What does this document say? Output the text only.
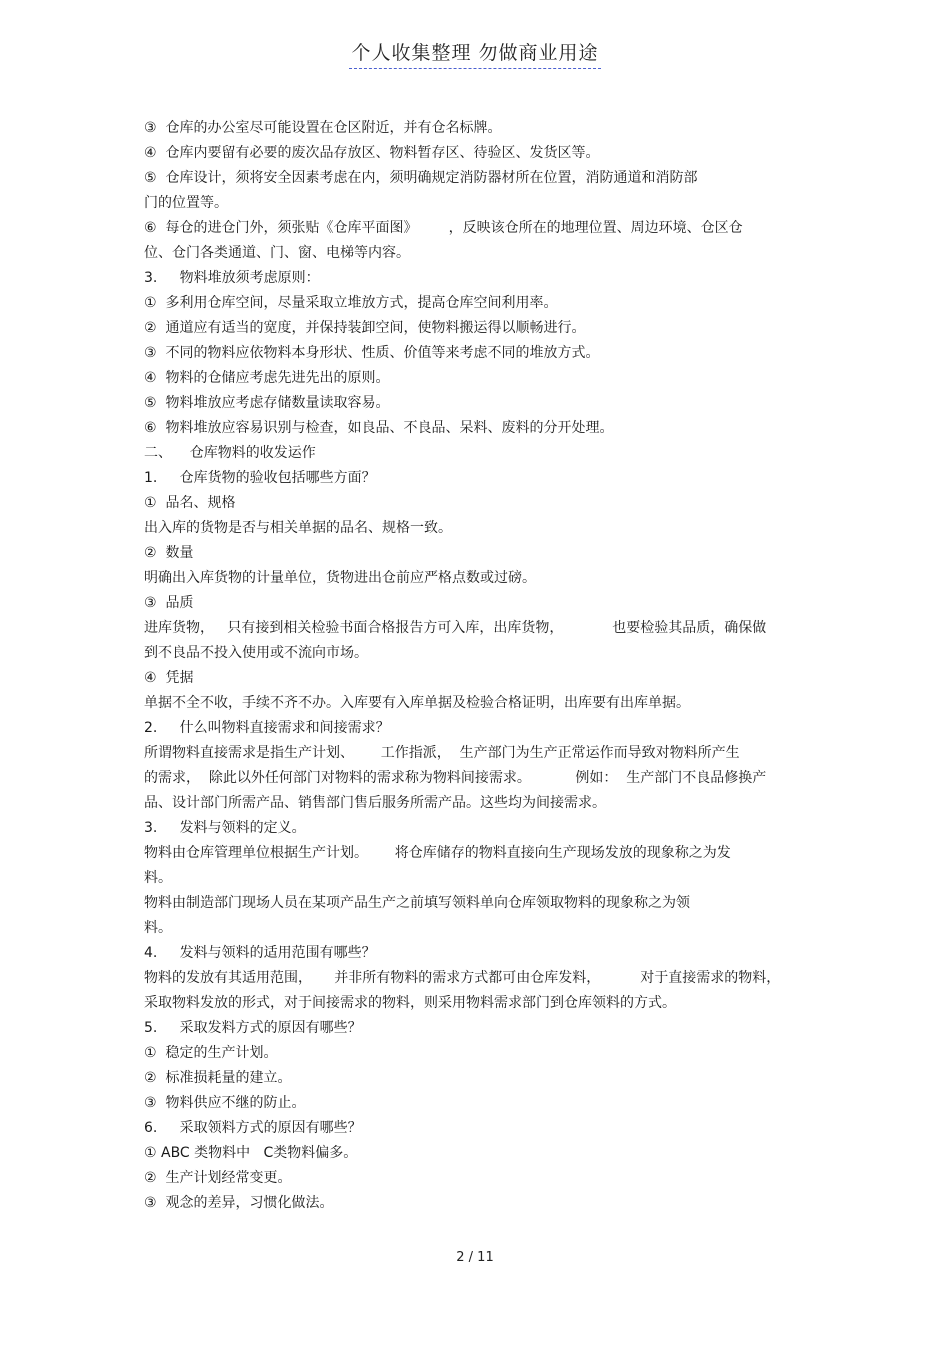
个人收集整理 勿做商业用途
③  仓库的办公室尽可能设置在仓区附近，并有仓名标牌。
④  仓库内要留有必要的废次品存放区、物料暂存区、待验区、发货区等。
⑤  仓库设计，须将安全因素考虑在内，须明确规定消防器材所在位置，消防通道和消防部
门的位置等。
⑥  每仓的进仓门外，须张贴《仓库平面图》       ，反映该仓所在的地理位置、周边环境、仓区仓
位、仓门各类通道、门、窗、电梯等内容。
3.     物料堆放须考虑原则：
①  多利用仓库空间，尽量采取立堆放方式，提高仓库空间利用率。
②  通道应有适当的宽度，并保持装卸空间，使物料搬运得以顺畅进行。
③  不同的物料应依物料本身形状、性质、价值等来考虑不同的堆放方式。
④  物料的仓储应考虑先进先出的原则。
⑤  物料堆放应考虑存储数量读取容易。
⑥  物料堆放应容易识别与检查，如良品、不良品、呆料、废料的分开处理。
二、    仓库物料的收发运作
1.     仓库货物的验收包括哪些方面？
①  品名、规格
出入库的货物是否与相关单据的品名、规格一致。
②  数量
明确出入库货物的计量单位，货物进出仓前应严格点数或过磅。
③  品质
进库货物，   只有接到相关检验书面合格报告方可入库，出库货物，           也要检验其品质，确保做
到不良品不投入使用或不流向市场。
④  凭据
单据不全不收，手续不齐不办。入库要有入库单据及检验合格证明，出库要有出库单据。
2.     什么叫物料直接需求和间接需求？
所谓物料直接需求是指生产计划、      工作指派，  生产部门为生产正常运作而导致对物料所产生
的需求，  除此以外任何部门对物料的需求称为物料间接需求。          例如：  生产部门不良品修换产
品、设计部门所需产品、销售部门售后服务所需产品。这些均为间接需求。
3.     发料与领料的定义。
物料由仓库管理单位根据生产计划。      将仓库储存的物料直接向生产现场发放的现象称之为发
料。
物料由制造部门现场人员在某项产品生产之前填写领料单向仓库领取物料的现象称之为领
料。
4.     发料与领料的适用范围有哪些？
物料的发放有其适用范围，     并非所有物料的需求方式都可由仓库发料，         对于直接需求的物料，
采取物料发放的形式，对于间接需求的物料，则采用物料需求部门到仓库领料的方式。
5.     采取发料方式的原因有哪些？
①  稳定的生产计划。
②  标准损耗量的建立。
③  物料供应不继的防止。
6.     采取领料方式的原因有哪些？
① ABC 类物料中   C类物料偏多。
②  生产计划经常变更。
③  观念的差异，习惯化做法。
2 / 11
